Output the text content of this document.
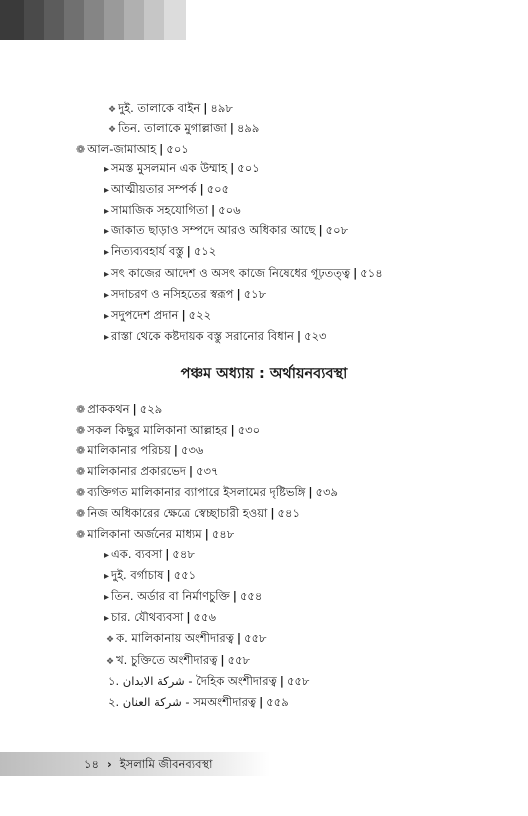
❖ দুই. তালাকে বাইন | ৪৯৮
❖ তিন. তালাকে মুগাল্লাজা | ৪৯৯
❁ আল-জামাআহ | ৫০১
▸ সমস্ত মুসলমান এক উম্মাহ | ৫০১
▸ আত্মীয়তার সম্পর্ক | ৫০৫
▸ সামাজিক সহযোগিতা | ৫০৬
▸ জাকাত ছাড়াও সম্পদে আরও অধিকার আছে | ৫০৮
▸ নিত্যব্যবহার্য বস্তু | ৫১২
▸ সৎ কাজের আদেশ ও অসৎ কাজে নিষেধের গূঢ়তত্ত্ব | ৫১৪
▸ সদাচরণ ও নসিহতের স্বরূপ | ৫১৮
▸ সদুপদেশ প্রদান | ৫২২
▸ রাস্তা থেকে কষ্টদায়ক বস্তু সরানোর বিধান | ৫২৩
❁ প্রাককথন | ৫২৯
❁ সকল কিছুর মালিকানা আল্লাহর | ৫৩০
❁ মালিকানার পরিচয় | ৫৩৬
❁ মালিকানার প্রকারভেদ | ৫৩৭
❁ ব্যক্তিগত মালিকানার ব্যাপারে ইসলামের দৃষ্টিভঙ্গি | ৫৩৯
❁ নিজ অধিকারের ক্ষেত্রে স্বেচ্ছাচারী হওয়া | ৫৪১
❁ মালিকানা অর্জনের মাধ্যম | ৫৪৮
▸ এক. ব্যবসা | ৫৪৮
▸ দুই. বর্গাচাষ | ৫৫১
▸ তিন. অর্ডার বা নির্মাণচুক্তি | ৫৫৪
▸ চার. যৌথব্যবসা | ৫৫৬
❖ ক. মালিকানায় অংশীদারত্ব | ৫৫৮
❖ খ. চুক্তিতে অংশীদারত্ব | ৫৫৮
১. شركة الابدان - দৈহিক অংশীদারত্ব | ৫৫৮
২. شركة العنان - সমঅংশীদারত্ব | ৫৫৯
পঞ্চম অধ্যায় : অর্থায়নব্যবস্থা
১৪ › ইসলামি জীবনব্যবস্থা
